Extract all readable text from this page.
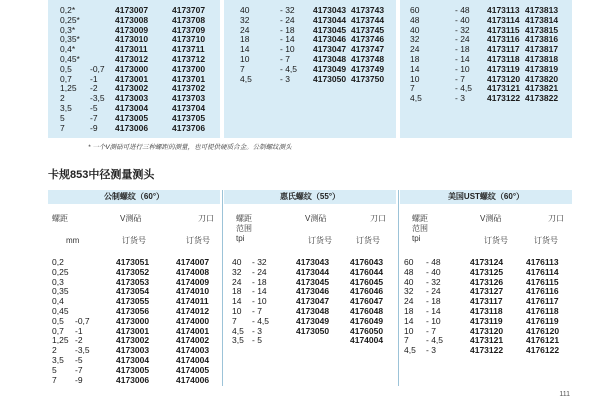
0,2*
0,25*
0,3*
0,35*
0,4*
0,45*
0,5
0,7
1,25
2
3,5
5
7

-0,7
-1
-2
-3,5
-5
-7
-9
4173007
4173008
4173009
4173010
4173011
4173012
4173000
4173001
4173002
4173003
4173004
4173005
4173006
4173707
4173708
4173709
4173710
4173711
4173712
4173700
4173701
4173702
4173703
4173704
4173705
4173706
40
32
24
18
14
10
7
4,5
- 32
- 24
- 18
- 14
- 10
- 7
- 4,5
- 3
4173043
4173044
4173045
4173046
4173047
4173048
4173049
4173050
4173743
4173744
4173745
4173746
4173747
4173748
4173749
4173750
60
48
40
32
24
18
14
10
7
4,5
- 48
- 40
- 32
- 24
- 18
- 14
- 10
- 7
- 4,5
- 3
4173113
4173114
4173115
4173116
4173117
4173118
4173119
4173120
4173121
4173122
4173813
4173814
4173815
4173816
4173817
4173818
4173819
4173820
4173821
4173822
* 一个V测砧可进行三种螺距的测量，也可提供硬质合金。公制螺纹测头
卡规853中径测量测头
公制螺纹（60°）	惠氏螺纹（55°）	美国UST螺纹（60°）
螺距
mm
V测砧
订货号
刀口
订货号
螺距
范围
tpi
V测砧
订货号
刀口
订货号
螺距
范围
tpi
V测砧
订货号
刀口
订货号
0,2
0,25
0,3
0,35
0,4
0,45
0,5
0,7
1,25
2
3,5
5
7

-0,7
-1
-2
-3,5
-5
-7
-9
4173051
4173052
4173053
4173054
4173055
4173056
4173000
4173001
4173002
4173003
4173004
4173005
4173006
4174007
4174008
4174009
4174010
4174011
4174012
4174000
4174001
4174002
4174003
4174004
4174005
4174006
40
32
24
18
14
10
7
4,5
3,5
- 32
- 24
- 18
- 14
- 10
- 7
- 4,5
- 3
- 5
4173043
4173044
4173045
4173046
4173047
4173048
4173049
4173050

4176043
4176044
4176045
4176046
4176047
4176048
4176049
4176050
4174004
60
48
40
32
24
18
14
10
7
4,5
- 48
- 40
- 32
- 24
- 18
- 14
- 10
- 7
- 4,5
- 3
4173124
4173125
4173126
4173127
4173117
4173118
4173119
4173120
4173121
4173122
4176113
4176114
4176115
4176116
4176117
4176118
4176119
4176120
4176121
4176122
111
